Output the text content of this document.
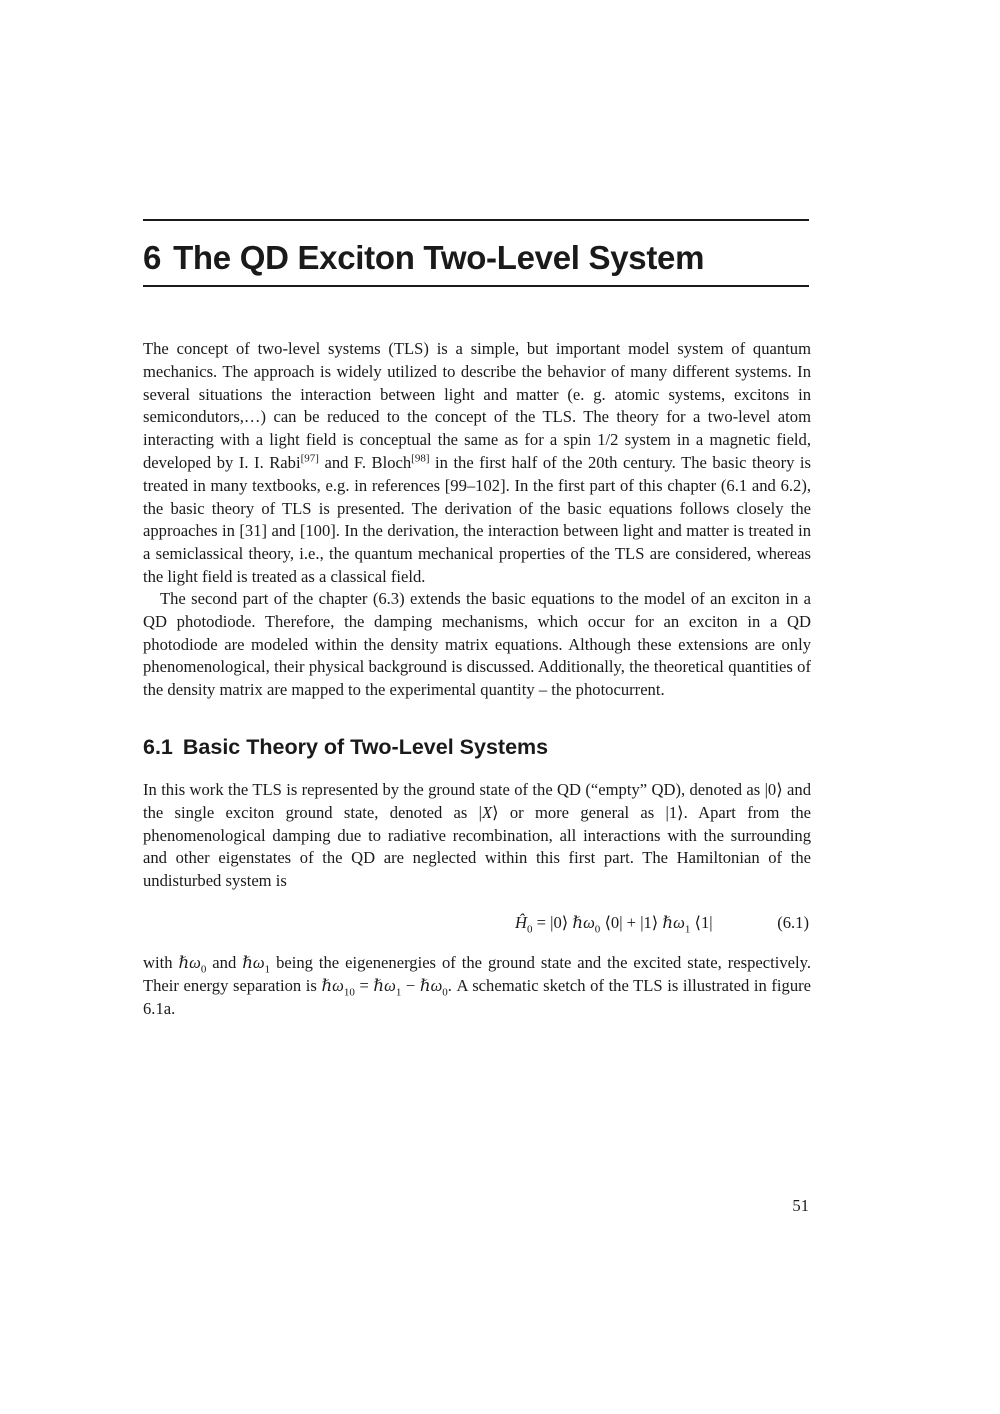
6 The QD Exciton Two-Level System

The concept of two-level systems (TLS) is a simple, but important model system of quantum mechanics. The approach is widely utilized to describe the behavior of many different systems. In several situations the interaction between light and matter (e. g. atomic systems, excitons in semicondutors,…) can be reduced to the concept of the TLS. The theory for a two-level atom interacting with a light field is conceptual the same as for a spin 1/2 system in a magnetic field, developed by I. I. Rabi[97] and F. Bloch[98] in the first half of the 20th century. The basic theory is treated in many textbooks, e.g. in references [99–102]. In the first part of this chapter (6.1 and 6.2), the basic theory of TLS is presented. The derivation of the basic equations follows closely the approaches in [31] and [100]. In the derivation, the interaction between light and matter is treated in a semiclassical theory, i.e., the quantum mechanical properties of the TLS are considered, whereas the light field is treated as a classical field.

The second part of the chapter (6.3) extends the basic equations to the model of an exciton in a QD photodiode. Therefore, the damping mechanisms, which occur for an exciton in a QD photodiode are modeled within the density matrix equations. Although these extensions are only phenomenological, their physical background is discussed. Additionally, the theoretical quantities of the density matrix are mapped to the experimental quantity – the photocurrent.

6.1 Basic Theory of Two-Level Systems

In this work the TLS is represented by the ground state of the QD (“empty” QD), denoted as |0⟩ and the single exciton ground state, denoted as |X⟩ or more general as |1⟩. Apart from the phenomenological damping due to radiative recombination, all interactions with the surrounding and other eigenstates of the QD are neglected within this first part. The Hamiltonian of the undisturbed system is

$Ĥ_0$ = |0⟩ ℏω$_0$ ⟨0| + |1⟩ ℏω$_1$ ⟨1|	(6.1)

with ℏω$_0$ and ℏω$_1$ being the eigenenergies of the ground state and the excited state, respectively. Their energy separation is ℏω$_{10}$ = ℏω$_1$ − ℏω$_0$. A schematic sketch of the TLS is illustrated in figure 6.1a.

51
